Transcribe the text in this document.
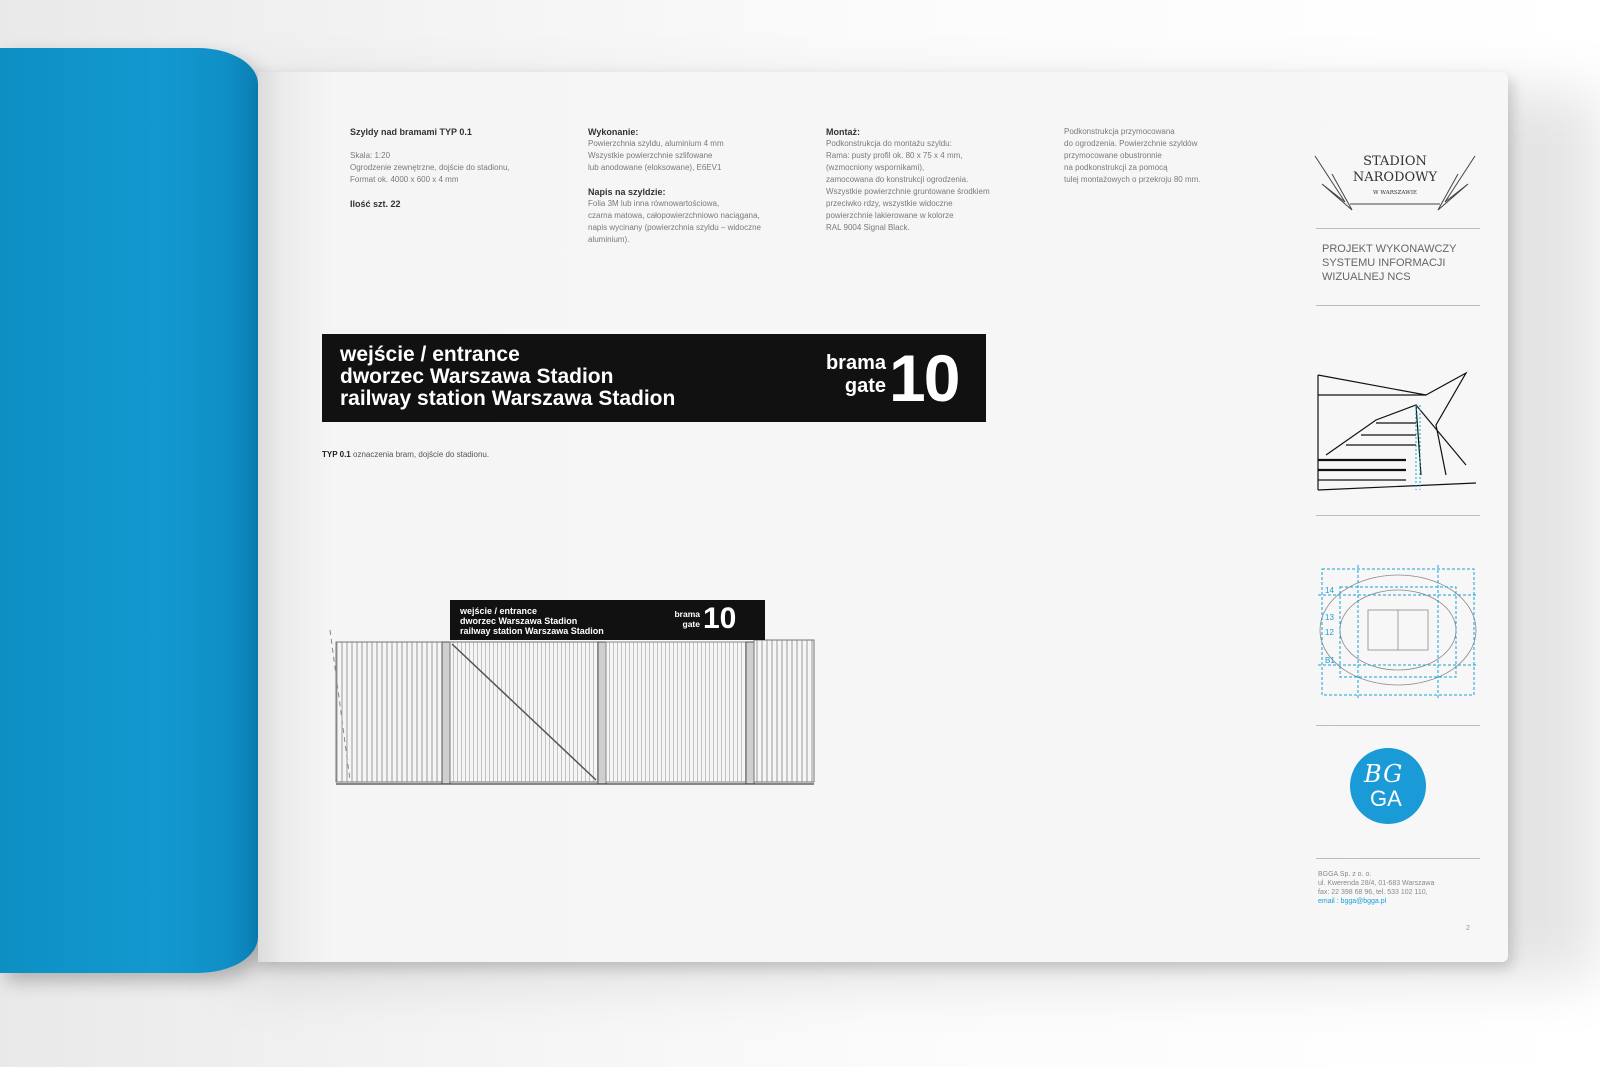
Szyldy nad bramami TYP 0.1
Skala: 1:20
Ogrodzenie zewnętrzne, dojście do stadionu,
Format ok. 4000 x 600 x 4 mm
Ilość szt. 22
Wykonanie:
Powierzchnia szyldu, aluminium 4 mm
Wszystkie powierzchnie szlifowane
lub anodowane (eloksowane), E6EV1
Napis na szyldzie:
Folia 3M lub inna równowartościowa,
czarna matowa, całopowierzchniowo naciągana,
napis wycinany (powierzchnia szyldu – widoczne
aluminium).
Montaż:
Podkonstrukcja do montażu szyldu:
Rama: pusty profil ok. 80 x 75 x 4 mm,
(wzmocniony wspornikami),
zamocowana do konstrukcji ogrodzenia.
Wszystkie powierzchnie gruntowane środkiem
przeciwko rdzy, wszystkie widoczne
powierzchnie lakierowane w kolorze
RAL 9004 Signal Black.
Podkonstrukcja przymocowana
do ogrodzenia. Powierzchnie szyldów
przymocowane obustronnie
na podkonstrukcji za pomocą
tulej montażowych o przekroju 80 mm.
wejście / entrance
dworzec Warszawa Stadion
railway station Warszawa Stadion
brama
gate 10
TYP 0.1 oznaczenia bram, dojście do stadionu.
wejście / entrance
dworzec Warszawa Stadion
railway station Warszawa Stadion
brama
gate 10
STADION
NARODOWY
W WARSZAWIE
PROJEKT WYKONAWCZY
SYSTEMU INFORMACJI
WIZUALNEJ NCS
14
13
12
B1
BG
GA
BGGA Sp. z o. o.
ul. Kwerenda 28/4, 01-683 Warszawa
fax: 22 398 68 96, tel. 533 102 110,
email : bgga@bgga.pl
2
